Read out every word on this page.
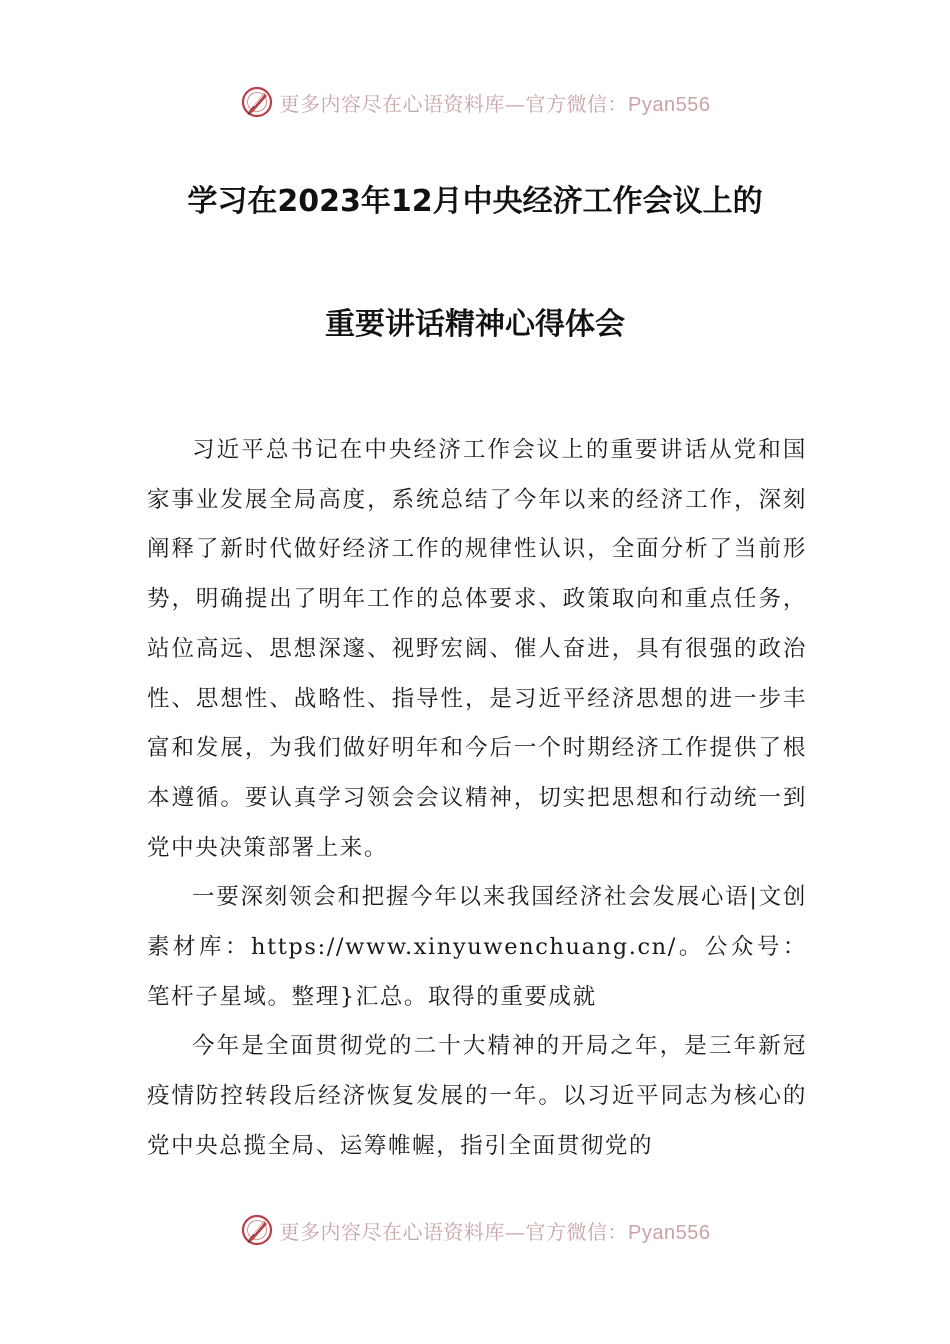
更多内容尽在心语资料库—官方微信：Pyan556
学习在2023年12月中央经济工作会议上的
重要讲话精神心得体会

习近平总书记在中央经济工作会议上的重要讲话从党和国家事业发展全局高度，系统总结了今年以来的经济工作，深刻阐释了新时代做好经济工作的规律性认识，全面分析了当前形势，明确提出了明年工作的总体要求、政策取向和重点任务，站位高远、思想深邃、视野宏阔、催人奋进，具有很强的政治性、思想性、战略性、指导性，是习近平经济思想的进一步丰富和发展，为我们做好明年和今后一个时期经济工作提供了根本遵循。要认真学习领会会议精神，切实把思想和行动统一到党中央决策部署上来。

一要深刻领会和把握今年以来我国经济社会发展心语|文创素材库：https://www.xinyuwenchuang.cn/。公众号：笔杆子星域。整理}汇总。取得的重要成就

今年是全面贯彻党的二十大精神的开局之年，是三年新冠疫情防控转段后经济恢复发展的一年。以习近平同志为核心的党中央总揽全局、运筹帷幄，指引全面贯彻党的

更多内容尽在心语资料库—官方微信：Pyan556
